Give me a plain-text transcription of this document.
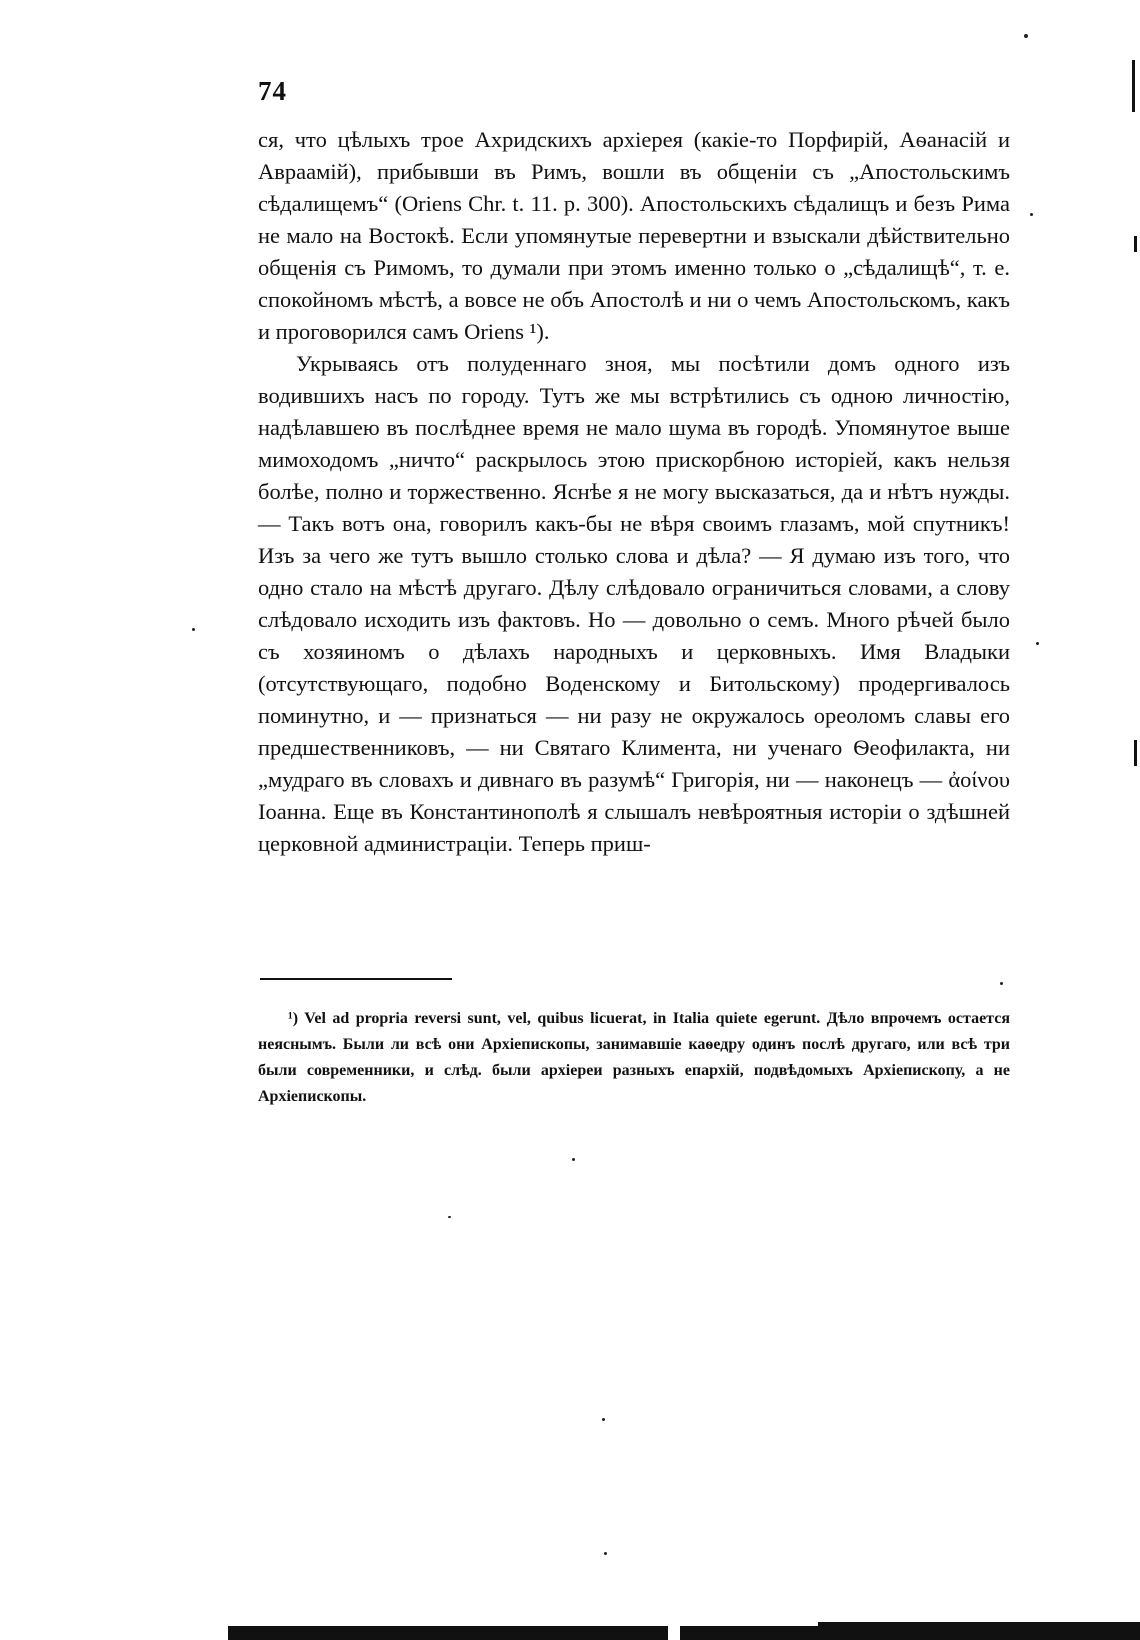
74

ся, что цѣлыхъ трое Ахридскихъ архіерея (какіе-то Порфирій, Аѳанасій и Авраамій), прибывши въ Римъ, вошли въ общеніи съ „Апостольскимъ сѣдалищемъ“ (Oriens Chr. t. 11. p. 300). Апостольскихъ сѣдалищъ и безъ Рима не мало на Востокѣ. Если упомянутые перевертни и взыскали дѣйствительно общенія съ Римомъ, то думали при этомъ именно только о „сѣдалищѣ“, т. е. спокойномъ мѣстѣ, а вовсе не объ Апостолѣ и ни о чемъ Апостольскомъ, какъ и проговорился самъ Oriens ¹).

Укрываясь отъ полуденнаго зноя, мы посѣтили домъ одного изъ водившихъ насъ по городу. Тутъ же мы встрѣтились съ одною личностію, надѣлавшею въ послѣднее время не мало шума въ городѣ. Упомянутое выше мимоходомъ „ничто“ раскрылось этою прискорбною исторіей, какъ нельзя болѣе, полно и торжественно. Яснѣе я не могу высказаться, да и нѣтъ нужды. — Такъ вотъ она, говорилъ какъ-бы не вѣря своимъ глазамъ, мой спутникъ! Изъ за чего же тутъ вышло столько слова и дѣла? — Я думаю изъ того, что одно стало на мѣстѣ другаго. Дѣлу слѣдовало ограничиться словами, а слову слѣдовало исходить изъ фактовъ. Но — довольно о семъ. Много рѣчей было съ хозяиномъ о дѣлахъ народныхъ и церковныхъ. Имя Владыки (отсутствующаго, подобно Воденскому и Битольскому) продергивалось поминутно, и — признаться — ни разу не окружалось ореоломъ славы его предшественниковъ, — ни Святаго Климента, ни ученаго Ѳеофилакта, ни „мудраго въ словахъ и дивнаго въ разумѣ“ Григорія, ни — наконецъ — ἀοίνου Іоанна. Еще въ Константинополѣ я слышалъ невѣроятныя исторіи о здѣшней церковной администраціи. Теперь приш-

¹) Vel ad propria reversi sunt, vel, quibus licuerat, in Italia quiete egerunt. Дѣло впрочемъ остается неяснымъ. Были ли всѣ они Архіепископы, занимавшіе каѳедру одинъ послѣ другаго, или всѣ три были современники, и слѣд. были архіереи разныхъ епархій, подвѣдомыхъ Архіепископу, а не Архіепископы.
